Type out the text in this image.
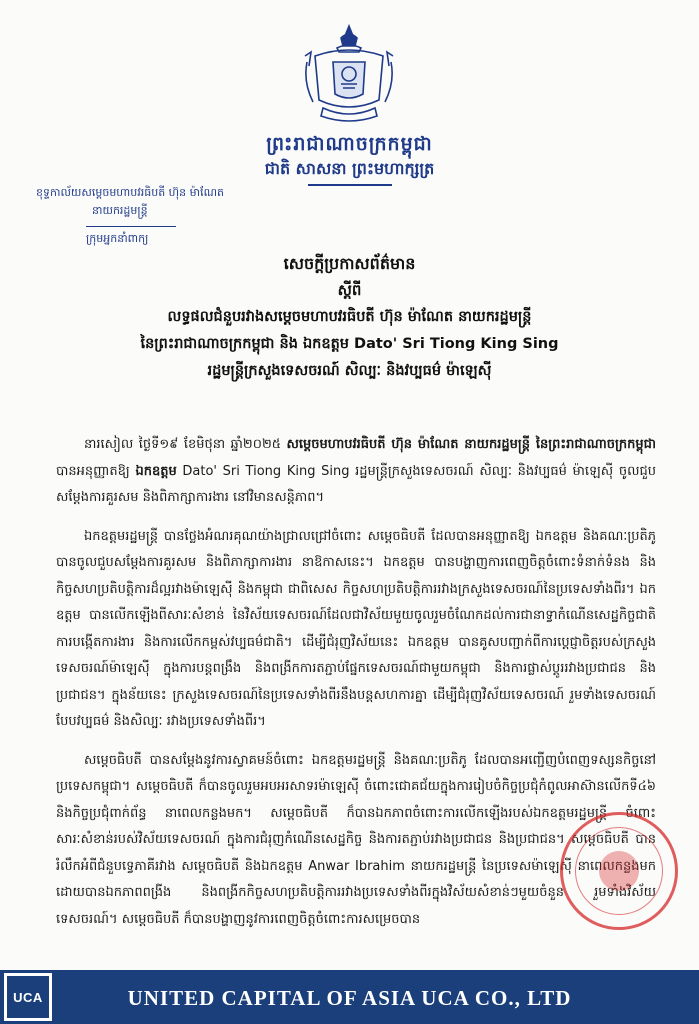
ព្រះរាជាណាចក្រកម្ពុជា
ជាតិ សាសនា ព្រះមហាក្សត្រ
ខុទ្ទកាល័យសម្ដេចមហាបវរធិបតី ហ៊ុន ម៉ាណែត
នាយករដ្ឋមន្ត្រី
ក្រុមអ្នកនាំពាក្យ
សេចក្ដីប្រកាសព័ត៌មាន
ស្ដីពី
លទ្ធផលជំនួបរវាងសម្ដេចមហាបវរធិបតី ហ៊ុន ម៉ាណែត នាយករដ្ឋមន្ត្រី
នៃព្រះរាជាណាចក្រកម្ពុជា និង ឯកឧត្តម Dato' Sri Tiong King Sing
រដ្ឋមន្ត្រីក្រសួងទេសចរណ៍ សិល្បៈ និងវប្បធម៌ ម៉ាឡេស៊ី

នារសៀល ថ្ងៃទី១៩ ខែមិថុនា ឆ្នាំ២០២៥ សម្ដេចមហាបវរធិបតី ហ៊ុន ម៉ាណែត នាយករដ្ឋមន្ត្រី នៃព្រះរាជាណាចក្រកម្ពុជា បានអនុញ្ញាតឱ្យ ឯកឧត្តម Dato' Sri Tiong King Sing រដ្ឋមន្ត្រីក្រសួងទេសចរណ៍ សិល្បៈ និងវប្បធម៌ ម៉ាឡេស៊ី ចូលជួបសម្ដែងការគួរសម និងពិភាក្សាការងារ នៅវិមានសន្តិភាព។

ឯកឧត្តមរដ្ឋមន្ត្រី បានថ្លែងអំណរគុណយ៉ាងជ្រាលជ្រៅចំពោះ សម្ដេចធិបតី ដែលបានអនុញ្ញាតឱ្យ ឯកឧត្តម និងគណៈប្រតិភូបានចូលជួបសម្ដែងការគួរសម និងពិភាក្សាការងារ នាឱកាសនេះ។ ឯកឧត្តម បានបង្ហាញការពេញចិត្តចំពោះទំនាក់ទំនង និងកិច្ចសហប្រតិបត្តិការដ៏ល្អរវាងម៉ាឡេស៊ី និងកម្ពុជា ជាពិសេស កិច្ចសហប្រតិបត្តិការរវាងក្រសួងទេសចរណ៍នៃប្រទេសទាំងពីរ។ ឯកឧត្តម បានលើកឡើងពីសារៈសំខាន់ នៃវិស័យទេសចរណ៍ដែលជាវិស័យមួយចូលរួមចំណែកដល់ការជានាទ្វាកំណើនសេដ្ឋកិច្ចជាតិ ការបង្កើតការងារ និងការលើកកម្ពស់វប្បធម៌ជាតិ។ ដើម្បីជំរុញវិស័យនេះ ឯកឧត្តម បានគូសបញ្ជាក់ពីការប្ដេជ្ញាចិត្តរបស់ក្រសួងទេសចរណ៍ម៉ាឡេស៊ី ក្នុងការបន្តពង្រឹង និងពង្រីកការតភ្ជាប់ផ្នែកទេសចរណ៍ជាមួយកម្ពុជា និងការផ្លាស់ប្ដូររវាងប្រជាជន និងប្រជាជន។ ក្នុងន័យនេះ ក្រសួងទេសចរណ៍នៃប្រទេសទាំងពីរនឹងបន្តសហការគ្នា ដើម្បីជំរុញវិស័យទេសចរណ៍ រួមទាំងទេសចរណ៍បែបវប្បធម៌ និងសិល្បៈ រវាងប្រទេសទាំងពីរ។

សម្ដេចធិបតី បានសម្ដែងនូវការស្វាគមន៍ចំពោះ ឯកឧត្តមរដ្ឋមន្ត្រី និងគណៈប្រតិភូ ដែលបានអញ្ជើញបំពេញទស្សនកិច្ចនៅប្រទេសកម្ពុជា។ សម្ដេចធិបតី ក៏បានចូលរួមអបអរសាទរម៉ាឡេស៊ី ចំពោះជោគជ័យក្នុងការរៀបចំកិច្ចប្រជុំកំពូលអាស៊ានលើកទី៤៦ និងកិច្ចប្រជុំពាក់ព័ន្ធ នាពេលកន្លងមក។ សម្ដេចធិបតី ក៏បានឯកភាពចំពោះការលើកឡើងរបស់ឯកឧត្តមរដ្ឋមន្ត្រី ចំពោះសារៈសំខាន់របស់វិស័យទេសចរណ៍ ក្នុងការជំរុញកំណើនសេដ្ឋកិច្ច និងការតភ្ជាប់រវាងប្រជាជន និងប្រជាជន។ សម្ដេចធិបតី បានរំលឹកអំពីជំនួបទ្វេភាគីរវាង សម្ដេចធិបតី និងឯកឧត្តម Anwar Ibrahim នាយករដ្ឋមន្ត្រី នៃប្រទេសម៉ាឡេស៊ី នាពេលកន្លងមក ដោយបានឯកភាពពង្រីង និងពង្រីកកិច្ចសហប្រតិបត្តិការរវាងប្រទេសទាំងពីរក្នុងវិស័យសំខាន់ៗមួយចំនួន រួមទាំងវិស័យទេសចរណ៍។ សម្ដេចធិបតី ក៏បានបង្ហាញនូវការពេញចិត្តចំពោះការសម្រេចបាន

UCA	UNITED CAPITAL OF ASIA UCA CO., LTD
